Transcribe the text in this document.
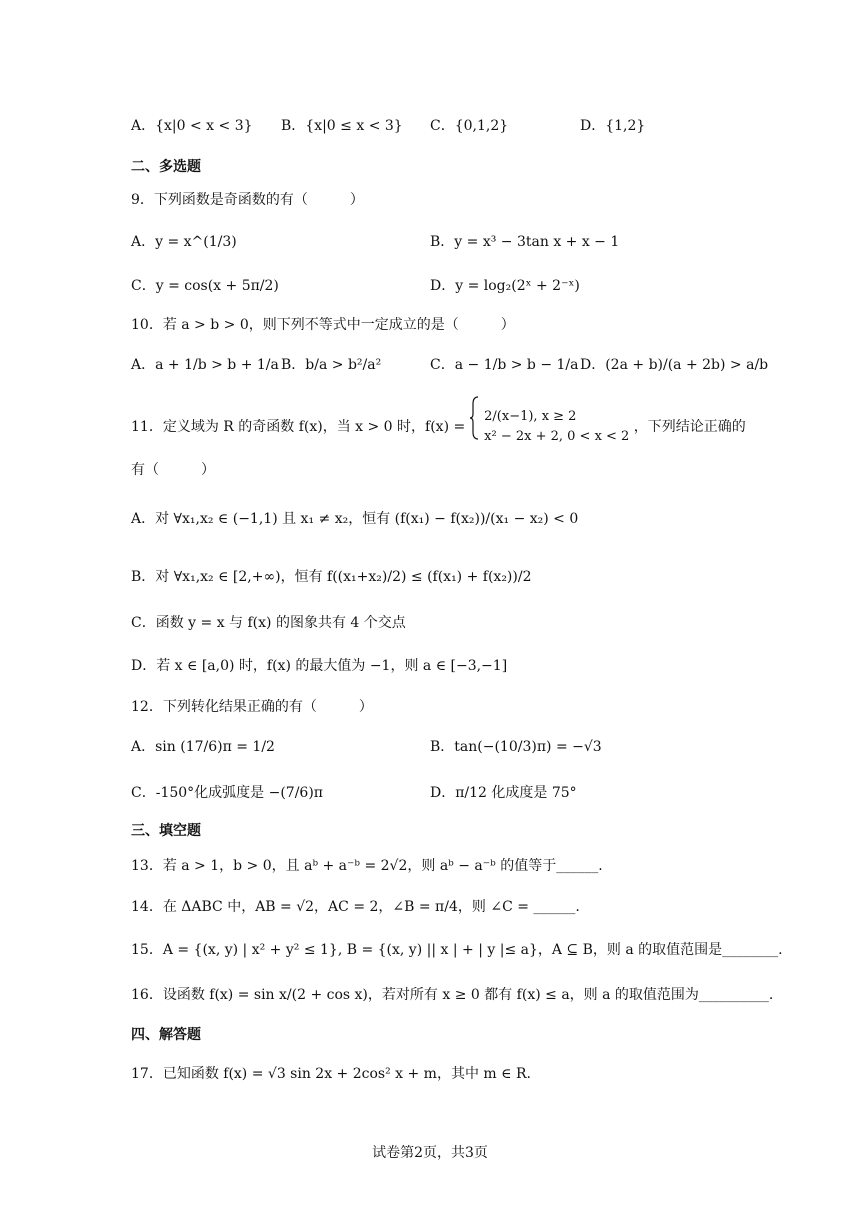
A．{x|0 < x < 3} B．{x|0 ≤ x < 3} C．{0,1,2}	D．{1,2}
二、多选题
9．下列函数是奇函数的有（　　　）
A．y = x^(1/3)	B．y = x³ − 3tan x + x − 1
C．y = cos(x + 5π/2)	D．y = log₂(2ˣ + 2⁻ˣ)
10．若 a > b > 0，则下列不等式中一定成立的是（　　　）
A．a + 1/b > b + 1/a B．b/a > b²/a²	C．a − 1/b > b − 1/a D．(2a + b)/(a + 2b) > a/b
11．定义域为 R 的奇函数 f(x)，当 x > 0 时，f(x) =
2/(x−1), x ≥ 2
x² − 2x + 2, 0 < x < 2
，下列结论正确的
有（　　　）
A．对 ∀x₁,x₂ ∈ (−1,1) 且 x₁ ≠ x₂，恒有 (f(x₁) − f(x₂))/(x₁ − x₂) < 0
B．对 ∀x₁,x₂ ∈ [2,+∞)，恒有 f((x₁+x₂)/2) ≤ (f(x₁) + f(x₂))/2
C．函数 y = x 与 f(x) 的图象共有 4 个交点
D．若 x ∈ [a,0) 时，f(x) 的最大值为 −1，则 a ∈ [−3,−1]
12．下列转化结果正确的有（　　　）
A．sin (17/6)π = 1/2	B．tan(−(10/3)π) = −√3
C．-150°化成弧度是 −(7/6)π	D．π/12 化成度是 75°
三、填空题
13．若 a > 1，b > 0，且 aᵇ + a⁻ᵇ = 2√2，则 aᵇ − a⁻ᵇ 的值等于______.
14．在 ΔABC 中，AB = √2，AC = 2，∠B = π/4，则 ∠C = ______.
15．A = {(x, y) | x² + y² ≤ 1}, B = {(x, y) || x | + | y |≤ a}，A ⊆ B，则 a 的取值范围是________.
16．设函数 f(x) = sin x/(2 + cos x)，若对所有 x ≥ 0 都有 f(x) ≤ a，则 a 的取值范围为__________.
四、解答题
17．已知函数 f(x) = √3 sin 2x + 2cos² x + m，其中 m ∈ R.
试卷第2页，共3页
